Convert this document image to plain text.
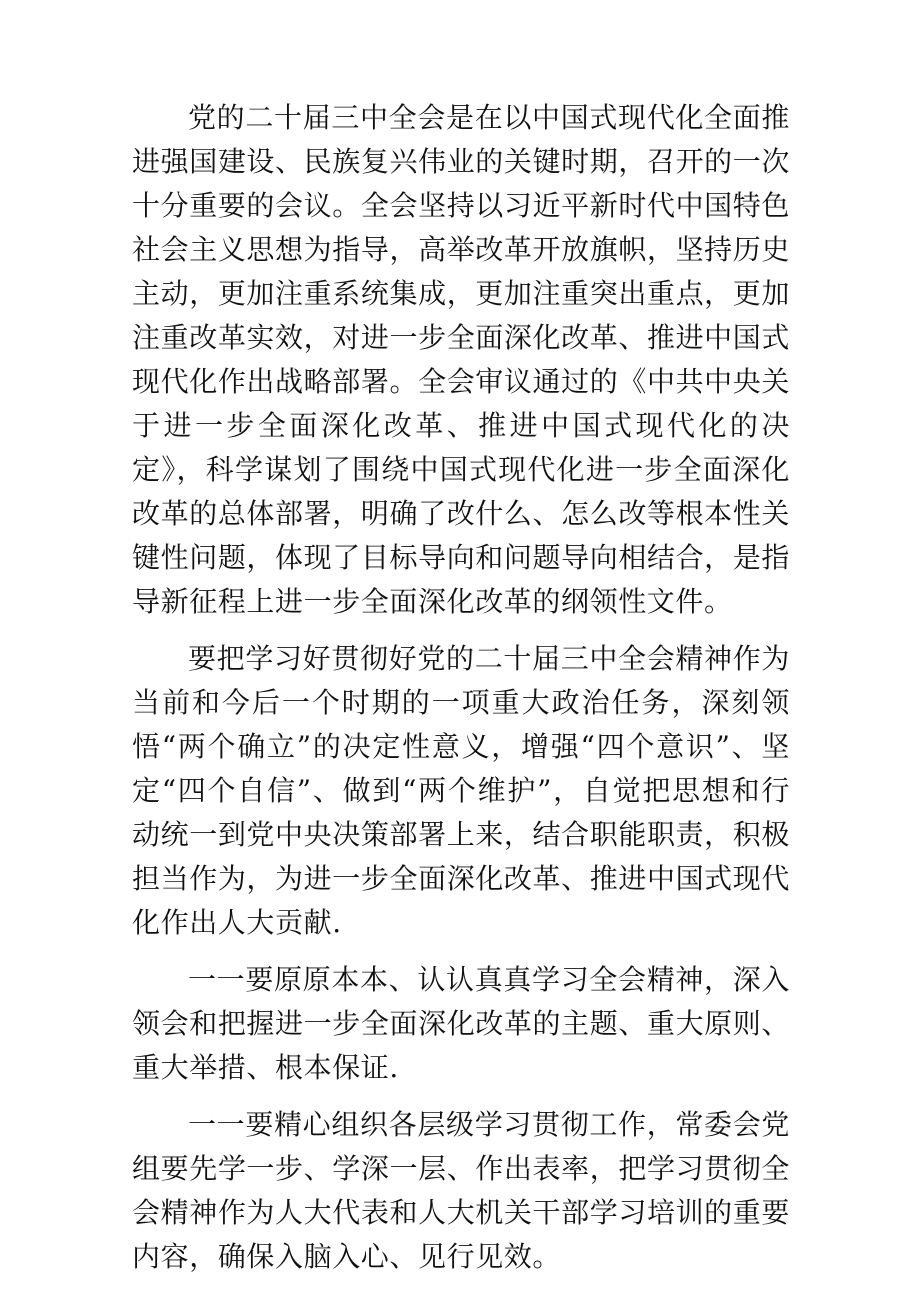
党的二十届三中全会是在以中国式现代化全面推进强国建设、民族复兴伟业的关键时期，召开的一次十分重要的会议。全会坚持以习近平新时代中国特色社会主义思想为指导，高举改革开放旗帜，坚持历史主动，更加注重系统集成，更加注重突出重点，更加注重改革实效，对进一步全面深化改革、推进中国式现代化作出战略部署。全会审议通过的《中共中央关于进一步全面深化改革、推进中国式现代化的决定》，科学谋划了围绕中国式现代化进一步全面深化改革的总体部署，明确了改什么、怎么改等根本性关键性问题，体现了目标导向和问题导向相结合，是指导新征程上进一步全面深化改革的纲领性文件。

要把学习好贯彻好党的二十届三中全会精神作为当前和今后一个时期的一项重大政治任务，深刻领悟“两个确立”的决定性意义，增强“四个意识”、坚定“四个自信”、做到“两个维护”，自觉把思想和行动统一到党中央决策部署上来，结合职能职责，积极担当作为，为进一步全面深化改革、推进中国式现代化作出人大贡献.

一一要原原本本、认认真真学习全会精神，深入领会和把握进一步全面深化改革的主题、重大原则、重大举措、根本保证.

一一要精心组织各层级学习贯彻工作，常委会党组要先学一步、学深一层、作出表率，把学习贯彻全会精神作为人大代表和人大机关干部学习培训的重要内容，确保入脑入心、见行见效。
